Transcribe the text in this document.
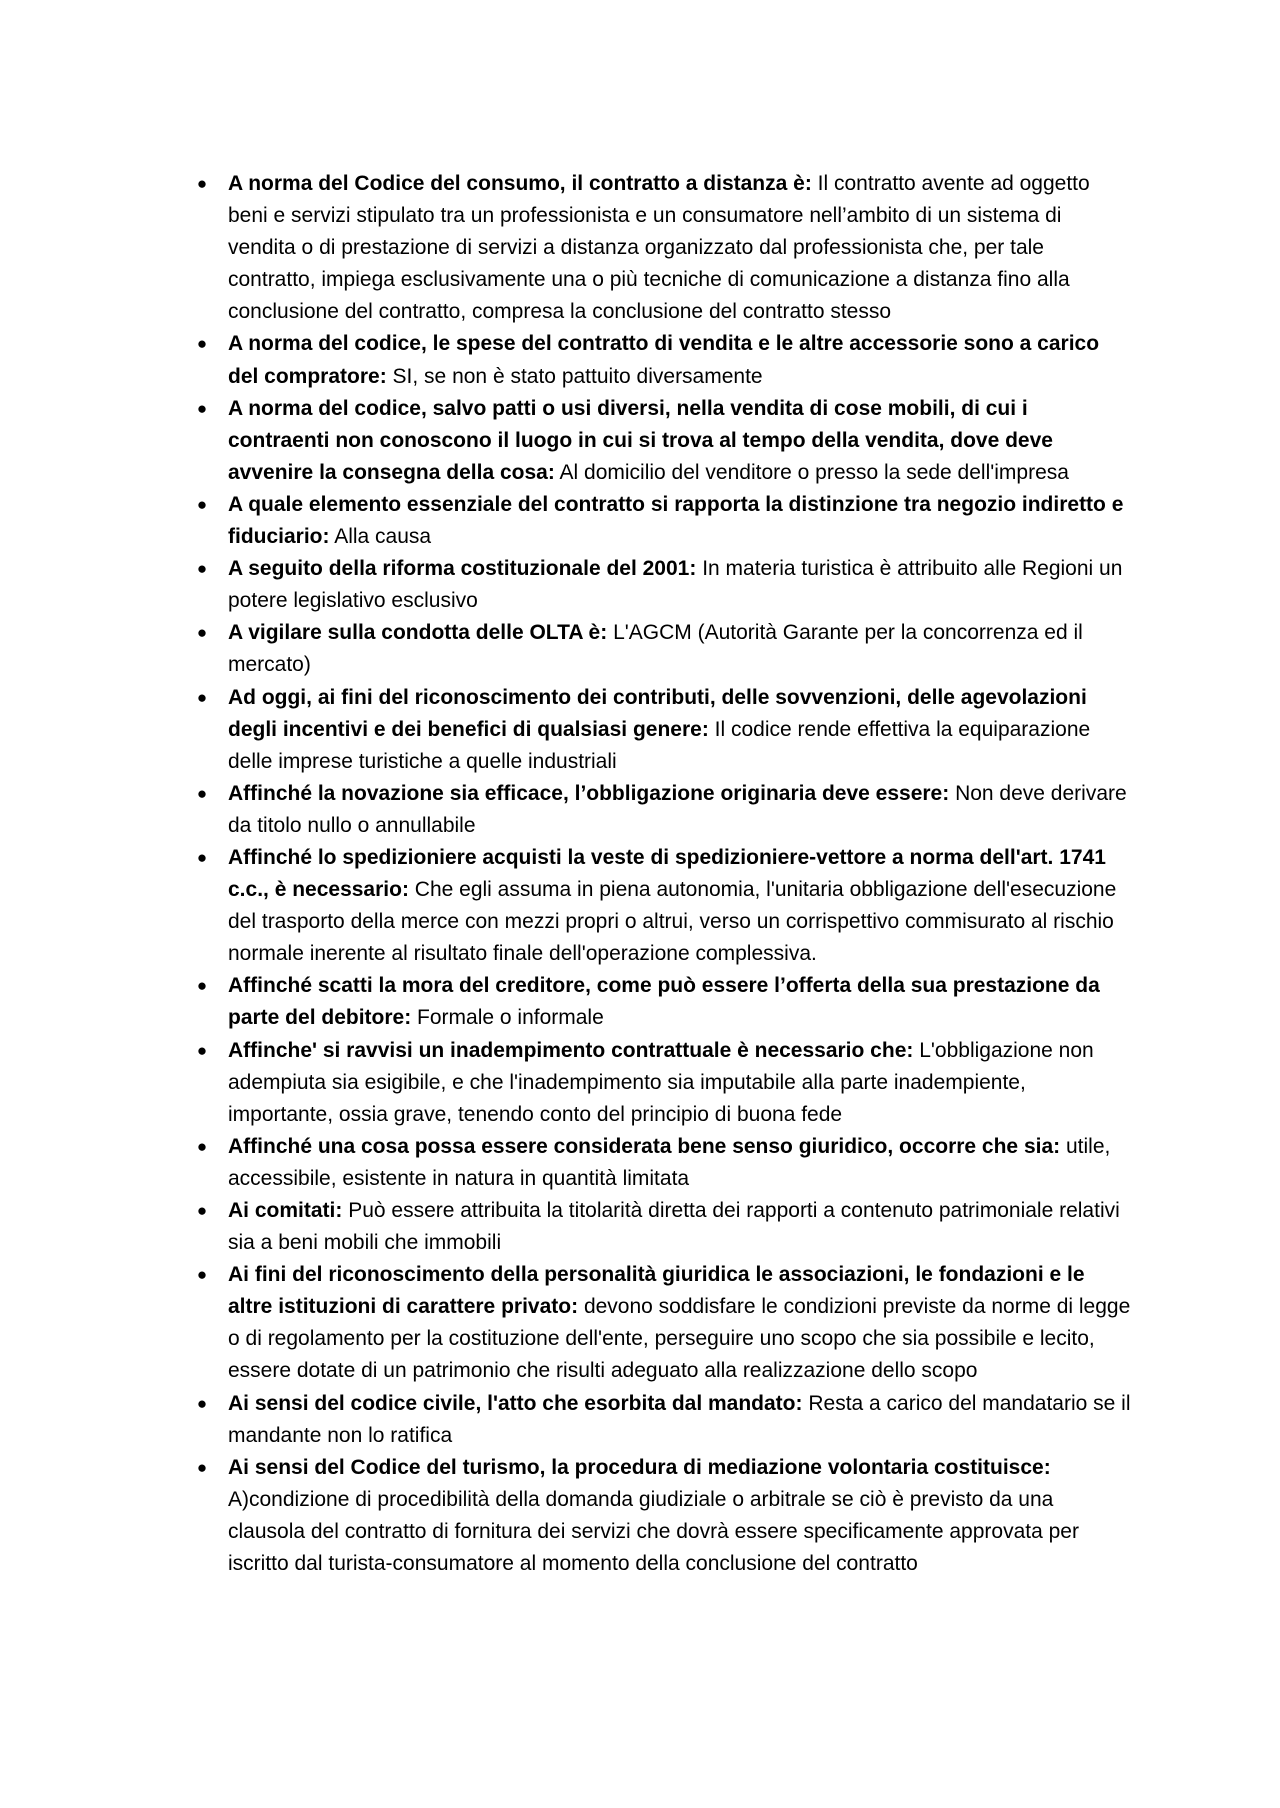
● A norma del Codice del consumo, il contratto a distanza è: Il contratto avente ad oggetto beni e servizi stipulato tra un professionista e un consumatore nell’ambito di un sistema di vendita o di prestazione di servizi a distanza organizzato dal professionista che, per tale contratto, impiega esclusivamente una o più tecniche di comunicazione a distanza fino alla conclusione del contratto, compresa la conclusione del contratto stesso
● A norma del codice, le spese del contratto di vendita e le altre accessorie sono a carico del compratore: SI, se non è stato pattuito diversamente
● A norma del codice, salvo patti o usi diversi, nella vendita di cose mobili, di cui i contraenti non conoscono il luogo in cui si trova al tempo della vendita, dove deve avvenire la consegna della cosa: Al domicilio del venditore o presso la sede dell'impresa
● A quale elemento essenziale del contratto si rapporta la distinzione tra negozio indiretto e fiduciario: Alla causa
● A seguito della riforma costituzionale del 2001: In materia turistica è attribuito alle Regioni un potere legislativo esclusivo
● A vigilare sulla condotta delle OLTA è: L'AGCM (Autorità Garante per la concorrenza ed il mercato)
● Ad oggi, ai fini del riconoscimento dei contributi, delle sovvenzioni, delle agevolazioni degli incentivi e dei benefici di qualsiasi genere: Il codice rende effettiva la equiparazione delle imprese turistiche a quelle industriali
● Affinché la novazione sia efficace, l’obbligazione originaria deve essere: Non deve derivare da titolo nullo o annullabile
● Affinché lo spedizioniere acquisti la veste di spedizioniere-vettore a norma dell'art. 1741 c.c., è necessario: Che egli assuma in piena autonomia, l'unitaria obbligazione dell'esecuzione del trasporto della merce con mezzi propri o altrui, verso un corrispettivo commisurato al rischio normale inerente al risultato finale dell'operazione complessiva.
● Affinché scatti la mora del creditore, come può essere l’offerta della sua prestazione da parte del debitore: Formale o informale
● Affinche' si ravvisi un inadempimento contrattuale è necessario che: L'obbligazione non adempiuta sia esigibile, e che l'inadempimento sia imputabile alla parte inadempiente, importante, ossia grave, tenendo conto del principio di buona fede
● Affinché una cosa possa essere considerata bene senso giuridico, occorre che sia: utile, accessibile, esistente in natura in quantità limitata
● Ai comitati: Può essere attribuita la titolarità diretta dei rapporti a contenuto patrimoniale relativi sia a beni mobili che immobili
● Ai fini del riconoscimento della personalità giuridica le associazioni, le fondazioni e le altre istituzioni di carattere privato: devono soddisfare le condizioni previste da norme di legge o di regolamento per la costituzione dell'ente, perseguire uno scopo che sia possibile e lecito, essere dotate di un patrimonio che risulti adeguato alla realizzazione dello scopo
● Ai sensi del codice civile, l'atto che esorbita dal mandato: Resta a carico del mandatario se il mandante non lo ratifica
● Ai sensi del Codice del turismo, la procedura di mediazione volontaria costituisce: A)condizione di procedibilità della domanda giudiziale o arbitrale se ciò è previsto da una clausola del contratto di fornitura dei servizi che dovrà essere specificamente approvata per iscritto dal turista-consumatore al momento della conclusione del contratto
